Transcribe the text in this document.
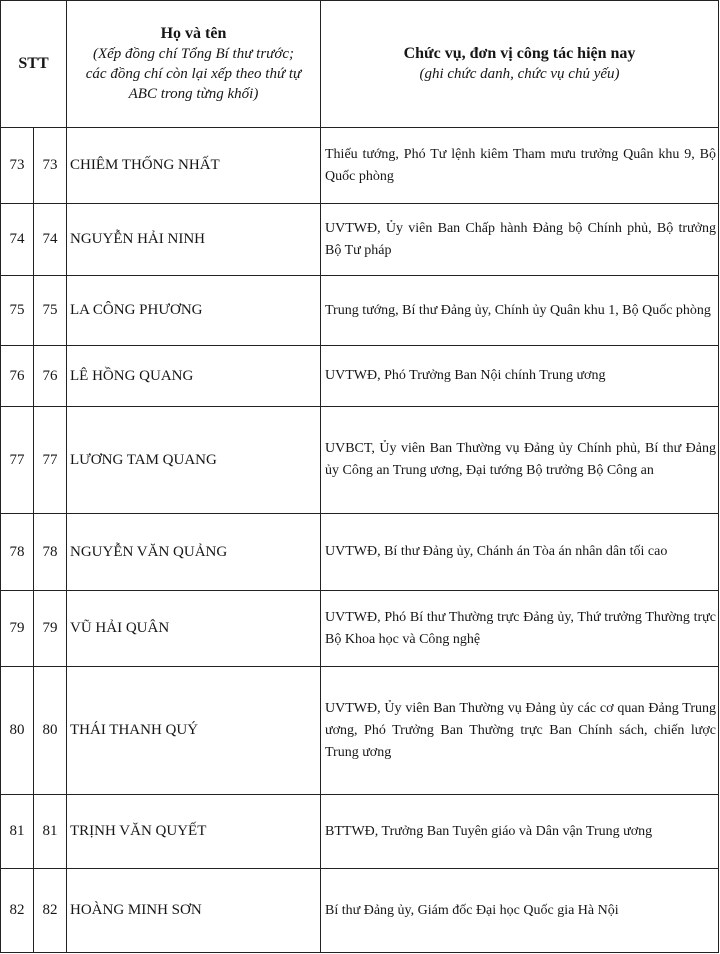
STT		Họ và tên
(Xếp đồng chí Tổng Bí thư trước;
các đồng chí còn lại xếp theo thứ tự
ABC trong từng khối)	Chức vụ, đơn vị công tác hiện nay
(ghi chức danh, chức vụ chủ yếu)

73	73	CHIÊM THỐNG NHẤT	Thiếu tướng, Phó Tư lệnh kiêm Tham mưu trưởng Quân khu 9, Bộ Quốc phòng
74	74	NGUYỄN HẢI NINH	UVTWĐ, Ủy viên Ban Chấp hành Đảng bộ Chính phủ, Bộ trưởng Bộ Tư pháp
75	75	LA CÔNG PHƯƠNG	Trung tướng, Bí thư Đảng ủy, Chính ủy Quân khu 1, Bộ Quốc phòng
76	76	LÊ HỒNG QUANG	UVTWĐ, Phó Trưởng Ban Nội chính Trung ương
77	77	LƯƠNG TAM QUANG	UVBCT, Ủy viên Ban Thường vụ Đảng ủy Chính phủ, Bí thư Đảng ủy Công an Trung ương, Đại tướng Bộ trưởng Bộ Công an
78	78	NGUYỄN VĂN QUẢNG	UVTWĐ, Bí thư Đảng ủy, Chánh án Tòa án nhân dân tối cao
79	79	VŨ HẢI QUÂN	UVTWĐ, Phó Bí thư Thường trực Đảng ủy, Thứ trưởng Thường trực Bộ Khoa học và Công nghệ
80	80	THÁI THANH QUÝ	UVTWĐ, Ủy viên Ban Thường vụ Đảng ủy các cơ quan Đảng Trung ương, Phó Trưởng Ban Thường trực Ban Chính sách, chiến lược Trung ương
81	81	TRỊNH VĂN QUYẾT	BTTWĐ, Trưởng Ban Tuyên giáo và Dân vận Trung ương
82	82	HOÀNG MINH SƠN	Bí thư Đảng ủy, Giám đốc Đại học Quốc gia Hà Nội
